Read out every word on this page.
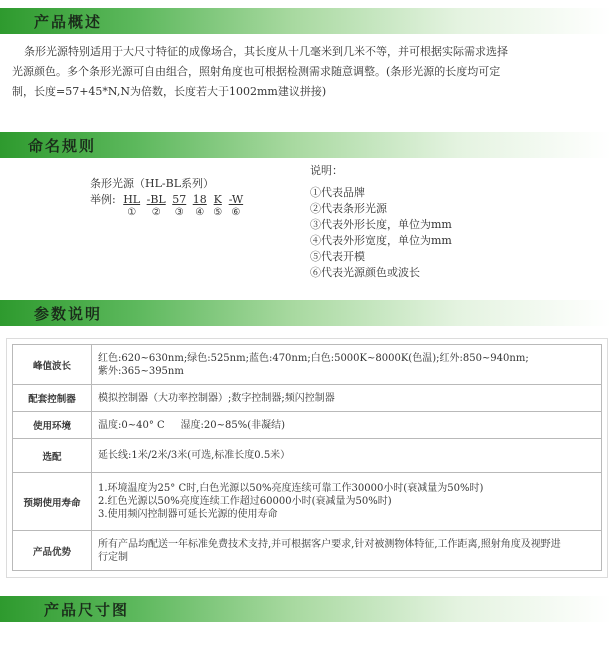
产品概述
条形光源特别适用于大尺寸特征的成像场合，其长度从十几毫米到几米不等，并可根据实际需求选择
光源颜色。多个条形光源可自由组合，照射角度也可根据检测需求随意调整。(条形光源的长度均可定
制，长度=57+45*N,N为倍数，长度若大于1002mm建议拼接)
命名规则
条形光源（HL-BL系列）
举例: HL
①

-BL
②

57
③

18
④

K
⑤

-W
⑥
说明：
①代表品牌
②代表条形光源
③代表外形长度，单位为mm
④代表外形宽度，单位为mm
⑤代表开模
⑥代表光源颜色或波长
参数说明
峰值波长	红色:620~630nm;绿色:525nm;蓝色:470nm;白色:5000K~8000K(色温);红外:850~940nm;
紫外:365~395nm

配套控制器	模拟控制器（大功率控制器）;数字控制器;频闪控制器

使用环境	温度:0~40° C     湿度:20~85%(非凝结)

选配	延长线:1米/2米/3米(可选,标准长度0.5米）

预期使用寿命	1.环境温度为25° C时,白色光源以50%亮度连续可靠工作30000小时(衰减量为50%时)
2.红色光源以50%亮度连续工作超过60000小时(衰减量为50%时)
3.使用频闪控制器可延长光源的使用寿命

产品优势	所有产品均配送一年标准免费技术支持,并可根据客户要求,针对被测物体特征,工作距离,照射角度及视野进
行定制
产品尺寸图
